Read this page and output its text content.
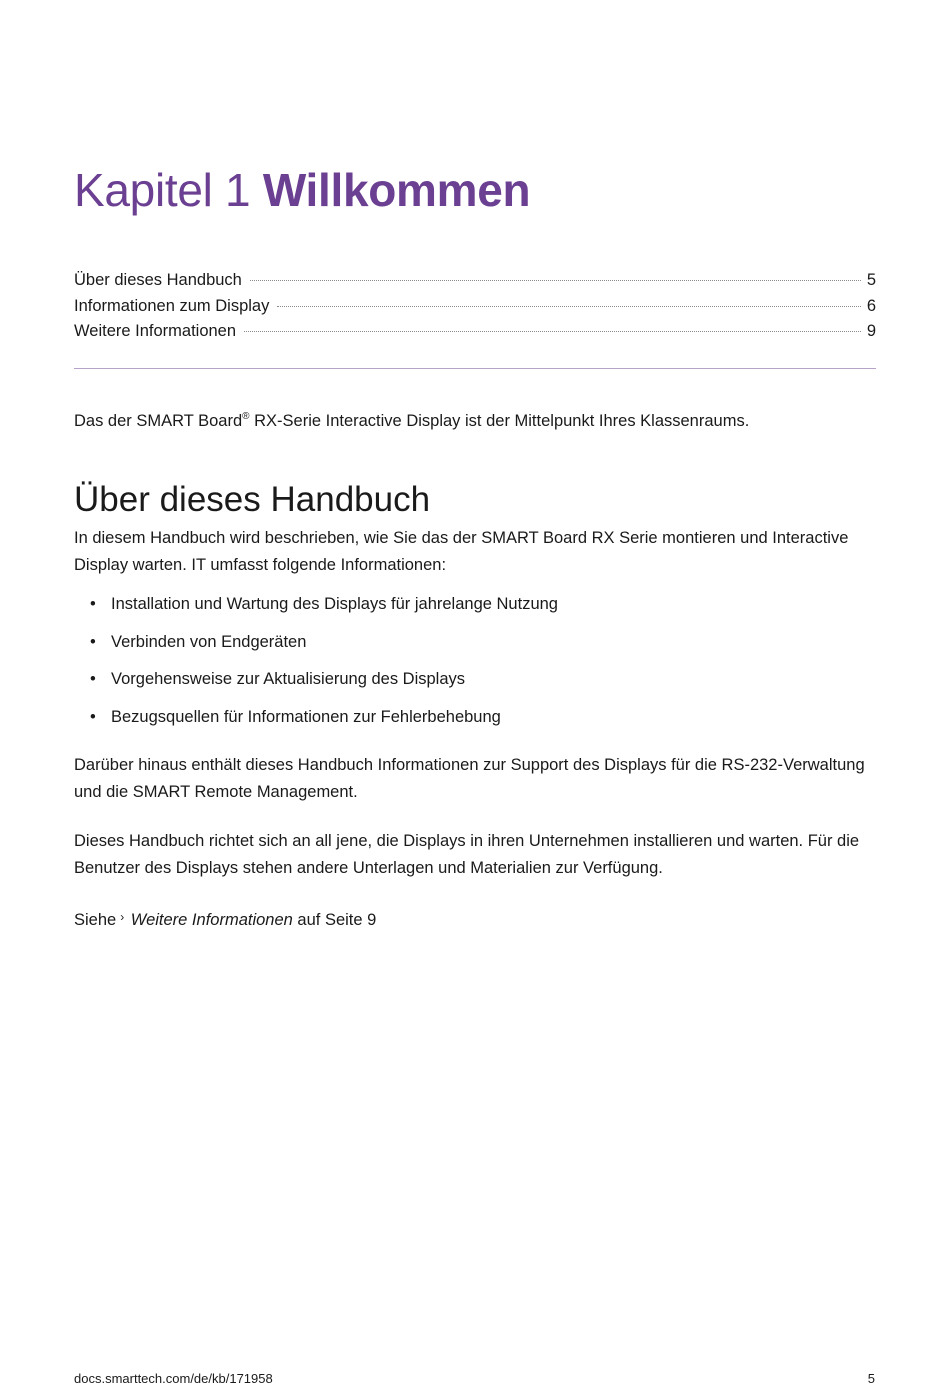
Kapitel 1 Willkommen
Über dieses Handbuch	5
Informationen zum Display	6
Weitere Informationen	9

Das der SMART Board® RX-Serie Interactive Display ist der Mittelpunkt Ihres Klassenraums.

Über dieses Handbuch

In diesem Handbuch wird beschrieben, wie Sie das der SMART Board RX Serie montieren und Interactive Display warten. IT umfasst folgende Informationen:

• Installation und Wartung des Displays für jahrelange Nutzung
• Verbinden von Endgeräten
• Vorgehensweise zur Aktualisierung des Displays
• Bezugsquellen für Informationen zur Fehlerbehebung

Darüber hinaus enthält dieses Handbuch Informationen zur Support des Displays für die RS-232-Verwaltung und die SMART Remote Management.

Dieses Handbuch richtet sich an all jene, die Displays in ihren Unternehmen installieren und warten. Für die Benutzer des Displays stehen andere Unterlagen und Materialien zur Verfügung.

Siehe › Weitere Informationen auf Seite 9

docs.smarttech.com/de/kb/171958	5
